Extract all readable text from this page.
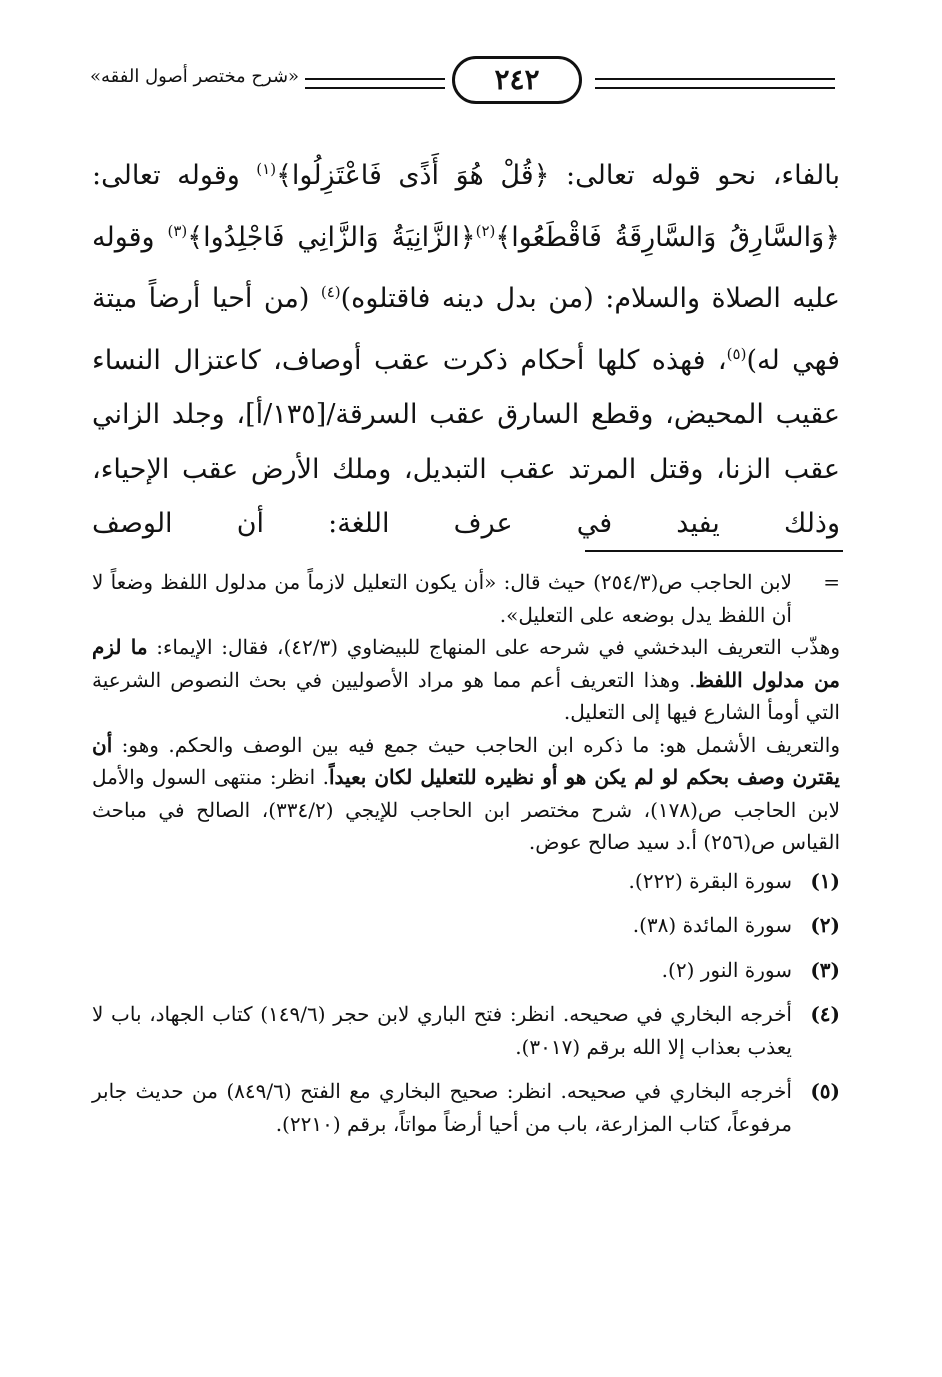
«شرح مختصر أصول الفقه»	٢٤٢

بالفاء، نحو قوله تعالى: ﴿قُلْ هُوَ أَذًى فَاعْتَزِلُوا﴾$^{(١)}$ وقوله تعالى: ﴿وَالسَّارِقُ وَالسَّارِقَةُ فَاقْطَعُوا﴾$^{(٢)}$﴿الزَّانِيَةُ وَالزَّانِي فَاجْلِدُوا﴾$^{(٣)}$ وقوله عليه الصلاة والسلام: (من بدل دينه فاقتلوه)$^{(٤)}$ (من أحيا أرضاً ميتة فهي له)$^{(٥)}$، فهذه كلها أحكام ذكرت عقب أوصاف، كاعتزال النساء عقيب المحيض، وقطع السارق عقب السرقة/[١٣٥/أ]، وجلد الزاني عقب الزنا، وقتل المرتد عقب التبديل، وملك الأرض عقب الإحياء، وذلك يفيد في عرف اللغة: أن الوصف

=لابن الحاجب ص(٢٥٤/٣) حيث قال: «أن يكون التعليل لازماً من مدلول اللفظ وضعاً لا أن اللفظ يدل بوضعه على التعليل».

وهذّب التعريف البدخشي في شرحه على المنهاج للبيضاوي (٤٢/٣)، فقال: الإيماء: ما لزم من مدلول اللفظ. وهذا التعريف أعم مما هو مراد الأصوليين في بحث النصوص الشرعية التي أومأ الشارع فيها إلى التعليل.

والتعريف الأشمل هو: ما ذكره ابن الحاجب حيث جمع فيه بين الوصف والحكم. وهو: أن يقترن وصف بحكم لو لم يكن هو أو نظيره للتعليل لكان بعيداً. انظر: منتهى السول والأمل لابن الحاجب ص(١٧٨)، شرح مختصر ابن الحاجب للإيجي (٣٣٤/٢)، الصالح في مباحث القياس ص(٢٥٦) أ.د سيد صالح عوض.

(١)
سورة البقرة (٢٢٢).
(٢)
سورة المائدة (٣٨).
(٣)
سورة النور (٢).
(٤)
أخرجه البخاري في صحيحه. انظر: فتح الباري لابن حجر (١٤٩/٦) كتاب الجهاد، باب لا يعذب بعذاب إلا الله برقم (٣٠١٧).
(٥)
أخرجه البخاري في صحيحه. انظر: صحيح البخاري مع الفتح (٨٤٩/٦) من حديث جابر مرفوعاً، كتاب المزارعة، باب من أحيا أرضاً مواتاً، برقم (٢٢١٠).
